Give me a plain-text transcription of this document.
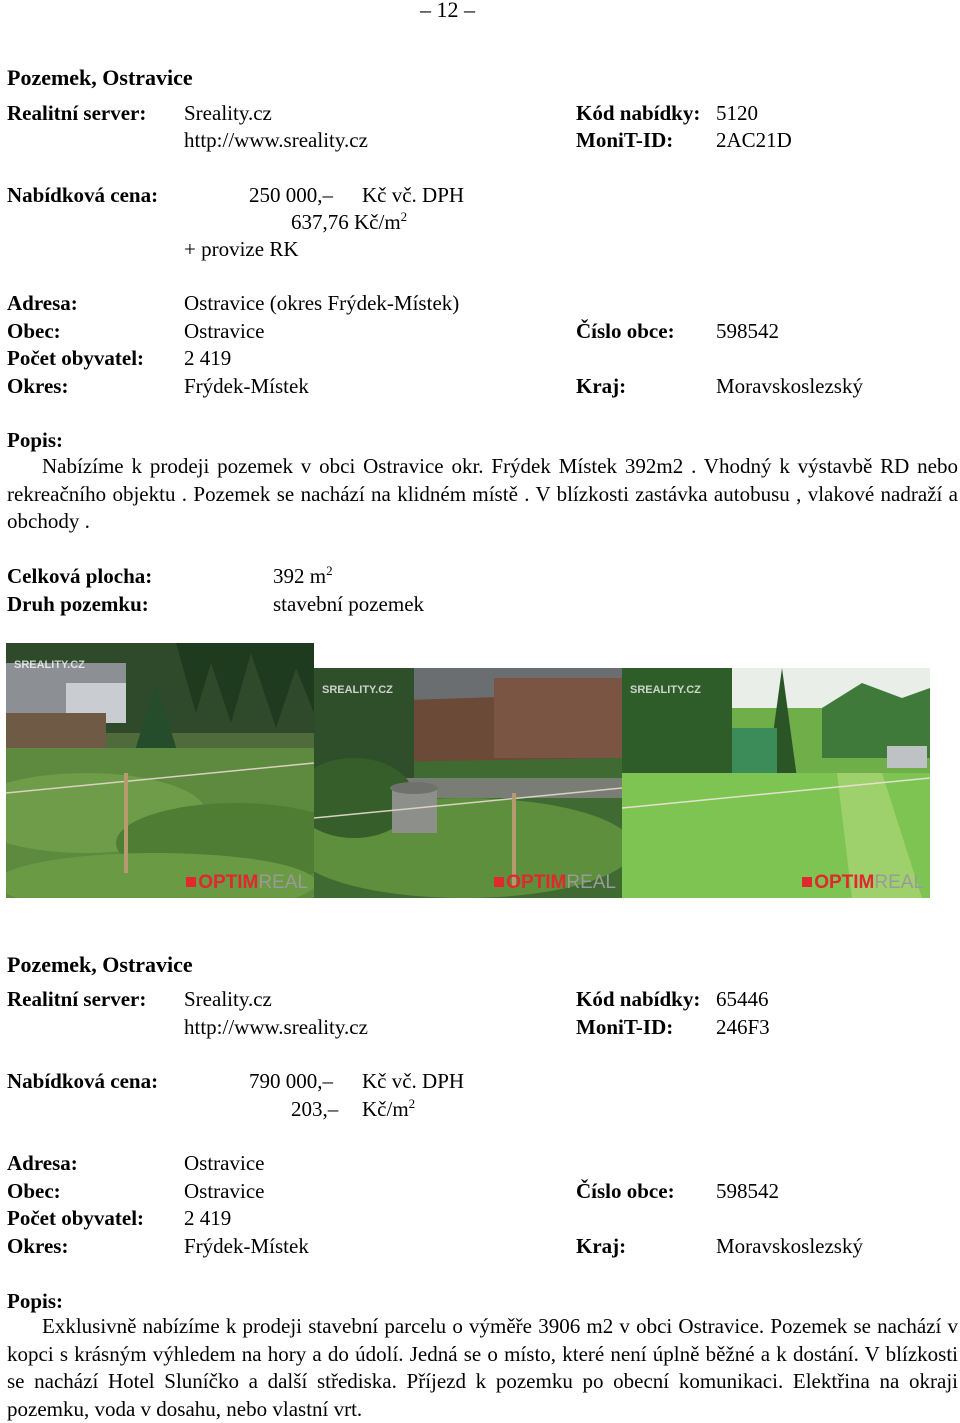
– 12 –
Pozemek, Ostravice
Realitní server: Sreality.cz	Kód nabídky: 5120
http://www.sreality.cz	MoniT-ID: 2AC21D
Nabídková cena:	250 000,– Kč vč. DPH
637,76 $Kč/m^2$
+ provize RK
Adresa:	Ostravice (okres Frýdek-Místek)
Obec:	Ostravice	Číslo obce: 598542
Počet obyvatel: 2 419
Okres:	Frýdek-Místek	Kraj:	Moravskoslezský
Popis:
Nabízíme k prodeji pozemek v obci Ostravice okr. Frýdek Místek 392m2 . Vhodný k výstavbě RD nebo rekreačního objektu . Pozemek se nachází na klidném místě . V blízkosti zastávka autobusu , vlakové nadraží a obchody .
Celková plocha:	392 $m^2$
Druh pozemku:	stavební pozemek
SREALITY.CZ
OPTIMREAL
SREALITY.CZ
OPTIMREAL
SREALITY.CZ
OPTIMREAL
Pozemek, Ostravice
Realitní server: Sreality.cz	Kód nabídky: 65446
http://www.sreality.cz	MoniT-ID: 246F3
Nabídková cena:	790 000,– Kč vč. DPH
203,– $Kč/m^2$
Adresa:	Ostravice
Obec:	Ostravice	Číslo obce: 598542
Počet obyvatel: 2 419
Okres:	Frýdek-Místek	Kraj:	Moravskoslezský
Popis:
Exklusivně nabízíme k prodeji stavební parcelu o výměře 3906 m2 v obci Ostravice. Pozemek se nachází v kopci s krásným výhledem na hory a do údolí. Jedná se o místo, které není úplně běžné a k dostání. V blízkosti se nachází Hotel Sluníčko a další střediska. Příjezd k pozemku po obecní komunikaci. Elektřina na okraji pozemku, voda v dosahu, nebo vlastní vrt.
